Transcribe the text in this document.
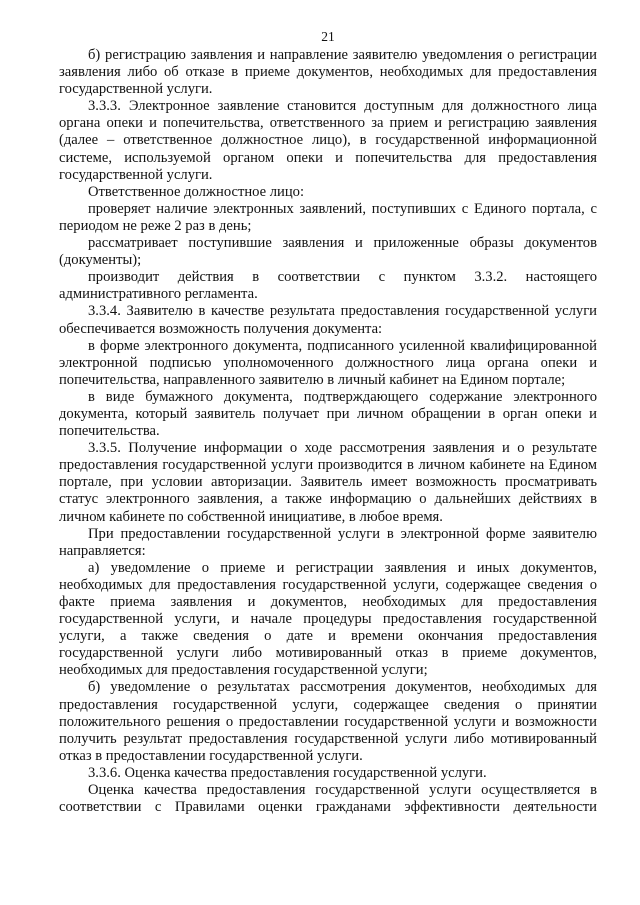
21

б) регистрацию заявления и направление заявителю уведомления о регистрации заявления либо об отказе в приеме документов, необходимых для предоставления государственной услуги.

3.3.3. Электронное заявление становится доступным для должностного лица органа опеки и попечительства, ответственного за прием и регистрацию заявления (далее – ответственное должностное лицо), в государственной информационной системе, используемой органом опеки и попечительства для предоставления государственной услуги.

Ответственное должностное лицо:

проверяет наличие электронных заявлений, поступивших с Единого портала, с периодом не реже 2 раз в день;

рассматривает поступившие заявления и приложенные образы документов (документы);

производит действия в соответствии с пунктом 3.3.2. настоящего административного регламента.

3.3.4. Заявителю в качестве результата предоставления государственной услуги обеспечивается возможность получения документа:

в форме электронного документа, подписанного усиленной квалифицированной электронной подписью уполномоченного должностного лица органа опеки и попечительства, направленного заявителю в личный кабинет на Едином портале;

в виде бумажного документа, подтверждающего содержание электронного документа, который заявитель получает при личном обращении в орган опеки и попечительства.

3.3.5. Получение информации о ходе рассмотрения заявления и о результате предоставления государственной услуги производится в личном кабинете на Едином портале, при условии авторизации. Заявитель имеет возможность просматривать статус электронного заявления, а также информацию о дальнейших действиях в личном кабинете по собственной инициативе, в любое время.

При предоставлении государственной услуги в электронной форме заявителю направляется:

а) уведомление о приеме и регистрации заявления и иных документов, необходимых для предоставления государственной услуги, содержащее сведения о факте приема заявления и документов, необходимых для предоставления государственной услуги, и начале процедуры предоставления государственной услуги, а также сведения о дате и времени окончания предоставления государственной услуги либо мотивированный отказ в приеме документов, необходимых для предоставления государственной услуги;

б) уведомление о результатах рассмотрения документов, необходимых для предоставления государственной услуги, содержащее сведения о принятии положительного решения о предоставлении государственной услуги и возможности получить результат предоставления государственной услуги либо мотивированный отказ в предоставлении государственной услуги.

3.3.6. Оценка качества предоставления государственной услуги.

Оценка качества предоставления государственной услуги осуществляется в соответствии с Правилами оценки гражданами эффективности деятельности
